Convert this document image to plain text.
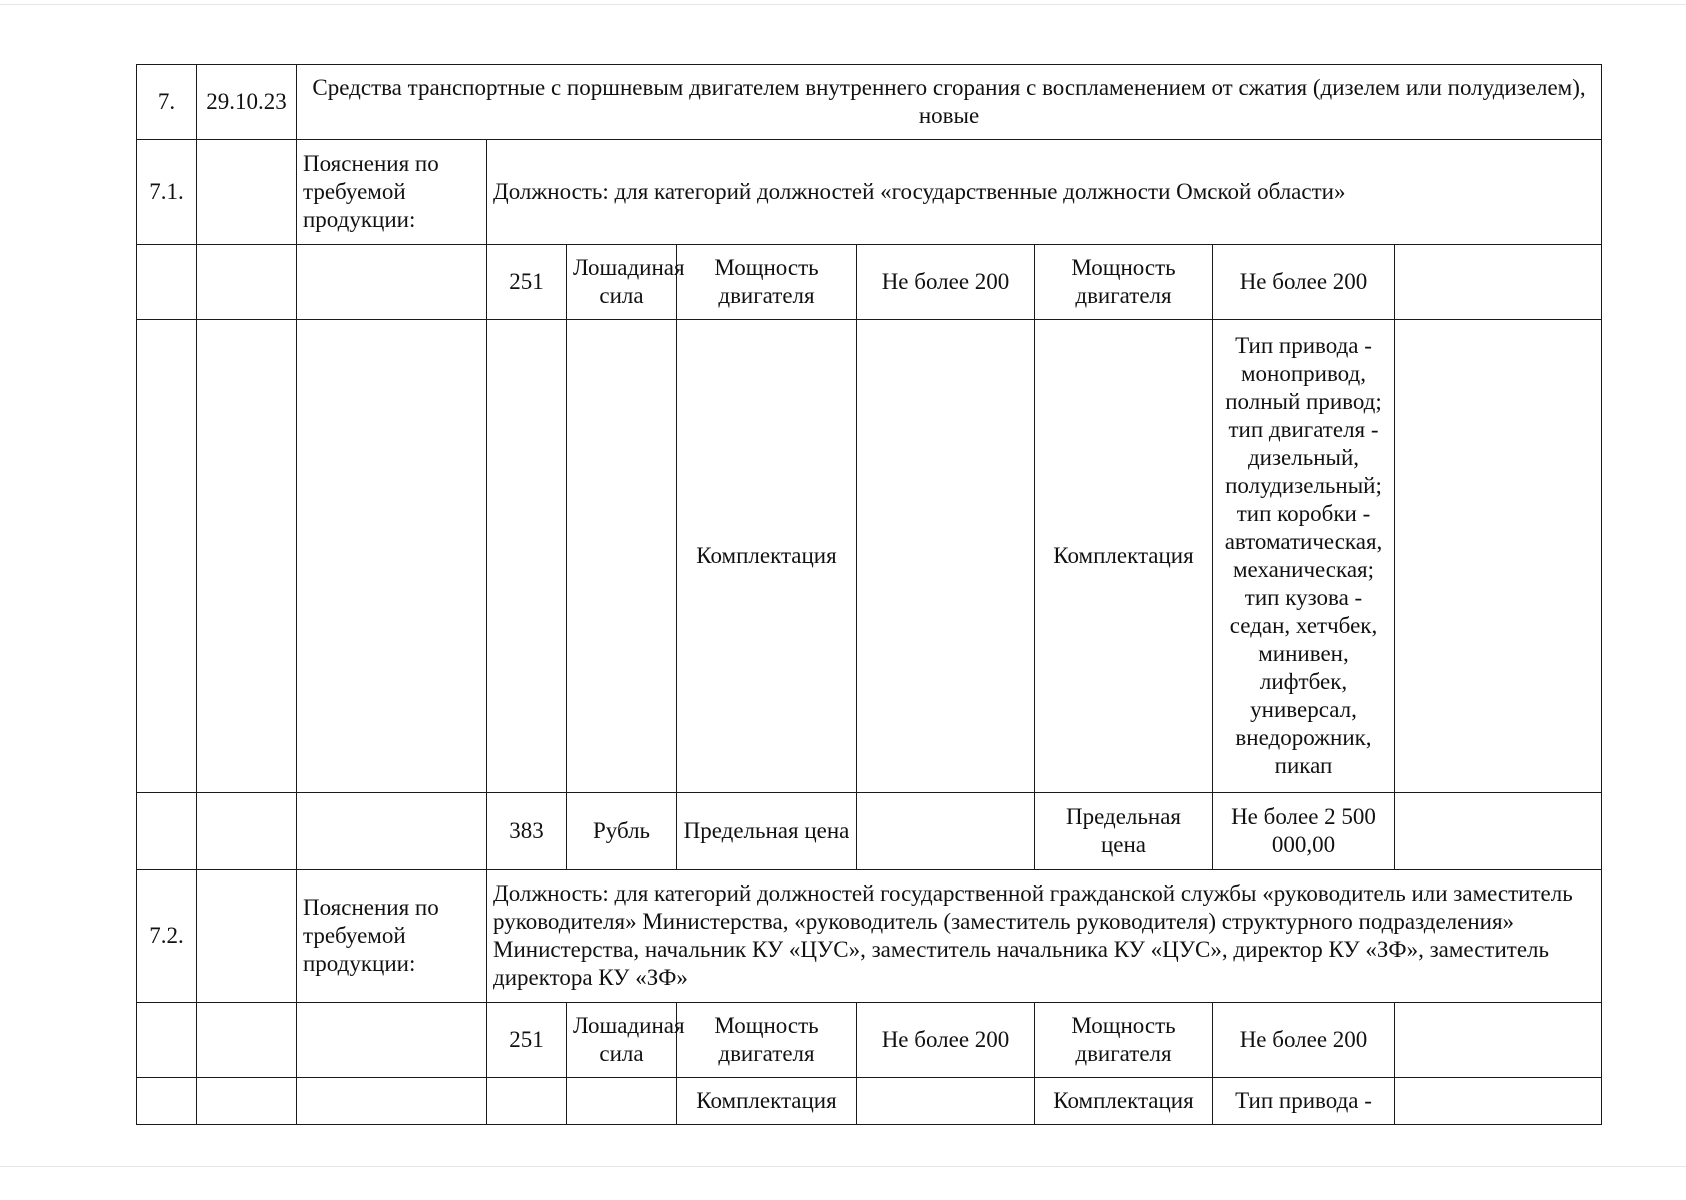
7.	29.10.23	Средства транспортные с поршневым двигателем внутреннего сгорания с воспламенением от сжатия (дизелем или полудизелем), новые							
7.1.		Пояснения по требуемой продукции:	Должность: для категорий должностей «государственные должности Омской области»						
			251	Лошадиная сила	Мощность двигателя	Не более 200	Мощность двигателя	Не более 200	
					Комплектация		Комплектация	Тип привода - монопривод, полный привод; тип двигателя - дизельный, полудизельный; тип коробки - автоматическая, механическая; тип кузова - седан, хетчбек, минивен, лифтбек, универсал, внедорожник, пикап	
			383	Рубль	Предельная цена		Предельная цена	Не более 2 500 000,00	
7.2.		Пояснения по требуемой продукции:	Должность: для категорий должностей государственной гражданской службы «руководитель или заместитель руководителя» Министерства, «руководитель (заместитель руководителя) структурного подразделения» Министерства, начальник КУ «ЦУС», заместитель начальника КУ «ЦУС», директор КУ «ЗФ», заместитель директора КУ «ЗФ»						
			251	Лошадиная сила	Мощность двигателя	Не более 200	Мощность двигателя	Не более 200	
					Комплектация		Комплектация	Тип привода -	
